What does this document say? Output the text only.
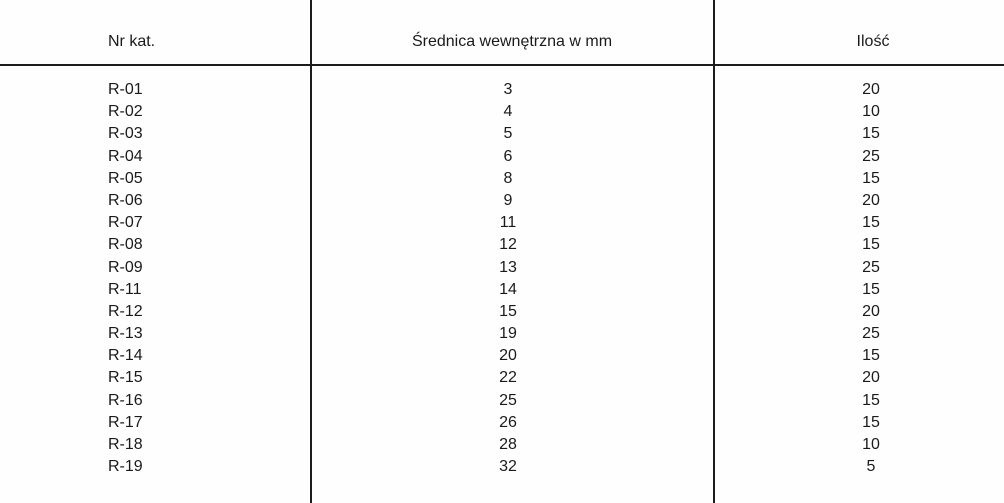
Nr kat.	Średnica wewnętrzna w mm	Ilość
R-01	3	20
R-02	4	10
R-03	5	15
R-04	6	25
R-05	8	15
R-06	9	20
R-07	11	15
R-08	12	15
R-09	13	25
R-11	14	15
R-12	15	20
R-13	19	25
R-14	20	15
R-15	22	20
R-16	25	15
R-17	26	15
R-18	28	10
R-19	32	5
